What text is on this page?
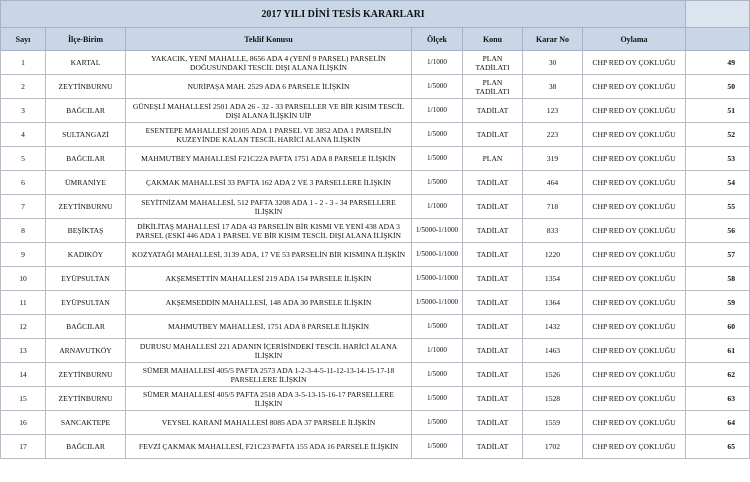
2017 YILI DİNİ TESİS KARARLARI							
Sayı	İlçe-Birim	Teklif Konusu	Ölçek	Konu	Karar No	Oylama	
1	KARTAL	YAKACIK, YENİ MAHALLE, 8656 ADA 4 (YENİ 9 PARSEL) PARSELİN DOĞUSUNDAKİ TESCİL DIŞI ALANA İLİŞKİN	1/1000	PLAN TADİLATI	30	CHP RED OY ÇOKLUĞU	49
2	ZEYTİNBURNU	NURİPAŞA MAH. 2529 ADA 6 PARSELE İLİŞKİN	1/5000	PLAN TADİLATI	38	CHP RED OY ÇOKLUĞU	50
3	BAĞCILAR	GÜNEŞLİ MAHALLESİ 2501 ADA 26 - 32 - 33 PARSELLER VE BİR KISIM TESCİL DIŞI ALANA İLİŞKİN UİP	1/1000	TADİLAT	123	CHP RED OY ÇOKLUĞU	51
4	SULTANGAZİ	ESENTEPE MAHALLESİ 20105 ADA 1 PARSEL VE 3852 ADA 1 PARSELİN KUZEYİNDE KALAN TESCİL HARİCİ ALANA İLİŞKİN	1/5000	TADİLAT	223	CHP RED OY ÇOKLUĞU	52
5	BAĞCILAR	MAHMUTBEY MAHALLESİ F21C22A PAFTA 1751 ADA 8 PARSELE İLİŞKİN	1/5000	PLAN	319	CHP RED OY ÇOKLUĞU	53
6	ÜMRANİYE	ÇAKMAK MAHALLESİ 33 PAFTA 162 ADA 2 VE 3 PARSELLERE İLİŞKİN	1/5000	TADİLAT	464	CHP RED OY ÇOKLUĞU	54
7	ZEYTİNBURNU	SEYİTNİZAM MAHALLESİ, 512 PAFTA 3208 ADA 1 - 2 - 3 - 34 PARSELLERE İLİŞKİN	1/1000	TADİLAT	718	CHP RED OY ÇOKLUĞU	55
8	BEŞİKTAŞ	DİKİLİTAŞ MAHALLESİ 17 ADA 43 PARSELİN BİR KISMI VE YENİ 438 ADA 3 PARSEL (ESKİ 446 ADA 1 PARSEL VE BİR KISIM TESCİL DIŞI ALANA İLİŞKİN	1/5000-1/1000	TADİLAT	833	CHP RED OY ÇOKLUĞU	56
9	KADIKÖY	KOZYATAĞI MAHALLESİ, 3139 ADA, 17 VE 53 PARSELİN BİR KISMINA İLİŞKİN	1/5000-1/1000	TADİLAT	1220	CHP RED OY ÇOKLUĞU	57
10	EYÜPSULTAN	AKŞEMSETTİN MAHALLESİ 219 ADA 154 PARSELE İLİŞKİN	1/5000-1/1000	TADİLAT	1354	CHP RED OY ÇOKLUĞU	58
11	EYÜPSULTAN	AKŞEMSEDDİN MAHALLESİ, 148 ADA 30 PARSELE İLİŞKİN	1/5000-1/1000	TADİLAT	1364	CHP RED OY ÇOKLUĞU	59
12	BAĞCILAR	MAHMUTBEY MAHALLESİ, 1751 ADA 8 PARSELE İLİŞKİN	1/5000	TADİLAT	1432	CHP RED OY ÇOKLUĞU	60
13	ARNAVUTKÖY	DURUSU MAHALLESİ 221 ADANIN İÇERİSİNDEKİ TESCİL HARİCİ ALANA İLİŞKİN	1/1000	TADİLAT	1463	CHP RED OY ÇOKLUĞU	61
14	ZEYTİNBURNU	SÜMER MAHALLESİ 405/5 PAFTA 2573 ADA 1-2-3-4-5-11-12-13-14-15-17-18 PARSELLERE İLİŞKİN	1/5000	TADİLAT	1526	CHP RED OY ÇOKLUĞU	62
15	ZEYTİNBURNU	SÜMER MAHALLESİ 405/5 PAFTA 2518 ADA 3-5-13-15-16-17 PARSELLERE İLİŞKİN	1/5000	TADİLAT	1528	CHP RED OY ÇOKLUĞU	63
16	SANCAKTEPE	VEYSEL KARANİ MAHALLESİ 8085 ADA 37 PARSELE İLİŞKİN	1/5000	TADİLAT	1559	CHP RED OY ÇOKLUĞU	64
17	BAĞCILAR	FEVZİ ÇAKMAK MAHALLESİ, F21C23 PAFTA 155 ADA 16 PARSELE İLİŞKİN	1/5000	TADİLAT	1702	CHP RED OY ÇOKLUĞU	65
